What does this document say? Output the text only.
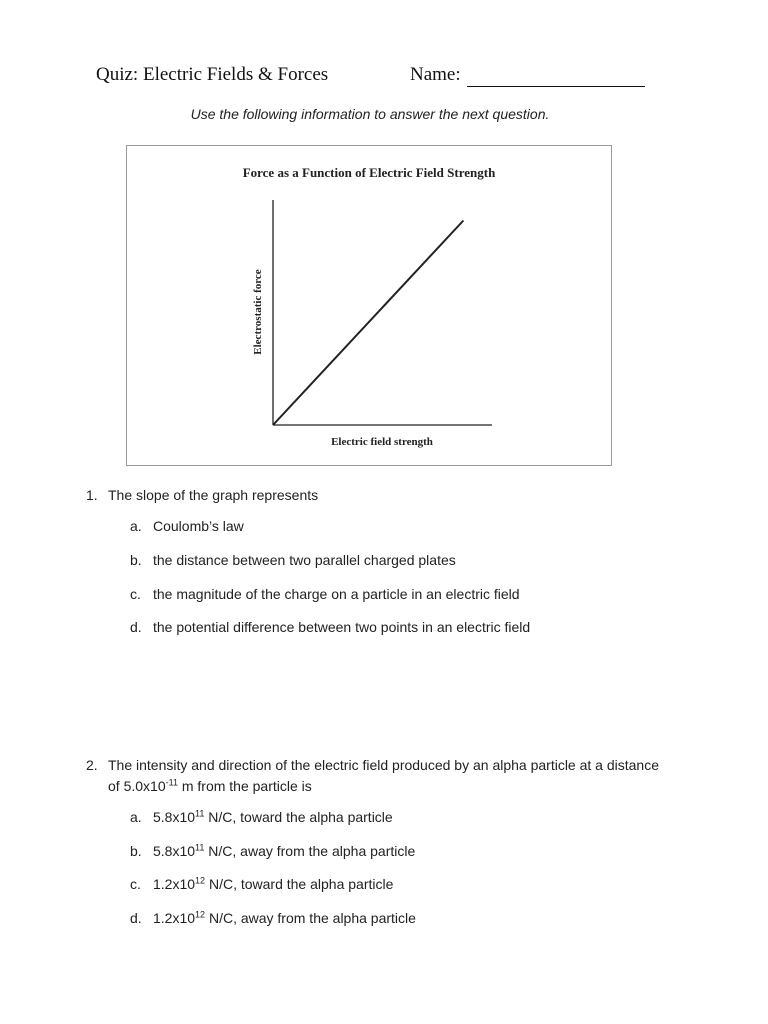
Quiz: Electric Fields & Forces	Name:
Use the following information to answer the next question.
Force as a Function of Electric Field Strength
Electric field strength
Electrostatic force
1. The slope of the graph represents
a. Coulomb’s law
b. the distance between two parallel charged plates
c. the magnitude of the charge on a particle in an electric field
d. the potential difference between two points in an electric field
2. The intensity and direction of the electric field produced by an alpha particle at a distance of $5.0x10^{-11}$ m from the particle is
a. $5.8x10^{11}$ N/C, toward the alpha particle
b. $5.8x10^{11}$ N/C, away from the alpha particle
c. $1.2x10^{12}$ N/C, toward the alpha particle
d. $1.2x10^{12}$ N/C, away from the alpha particle
